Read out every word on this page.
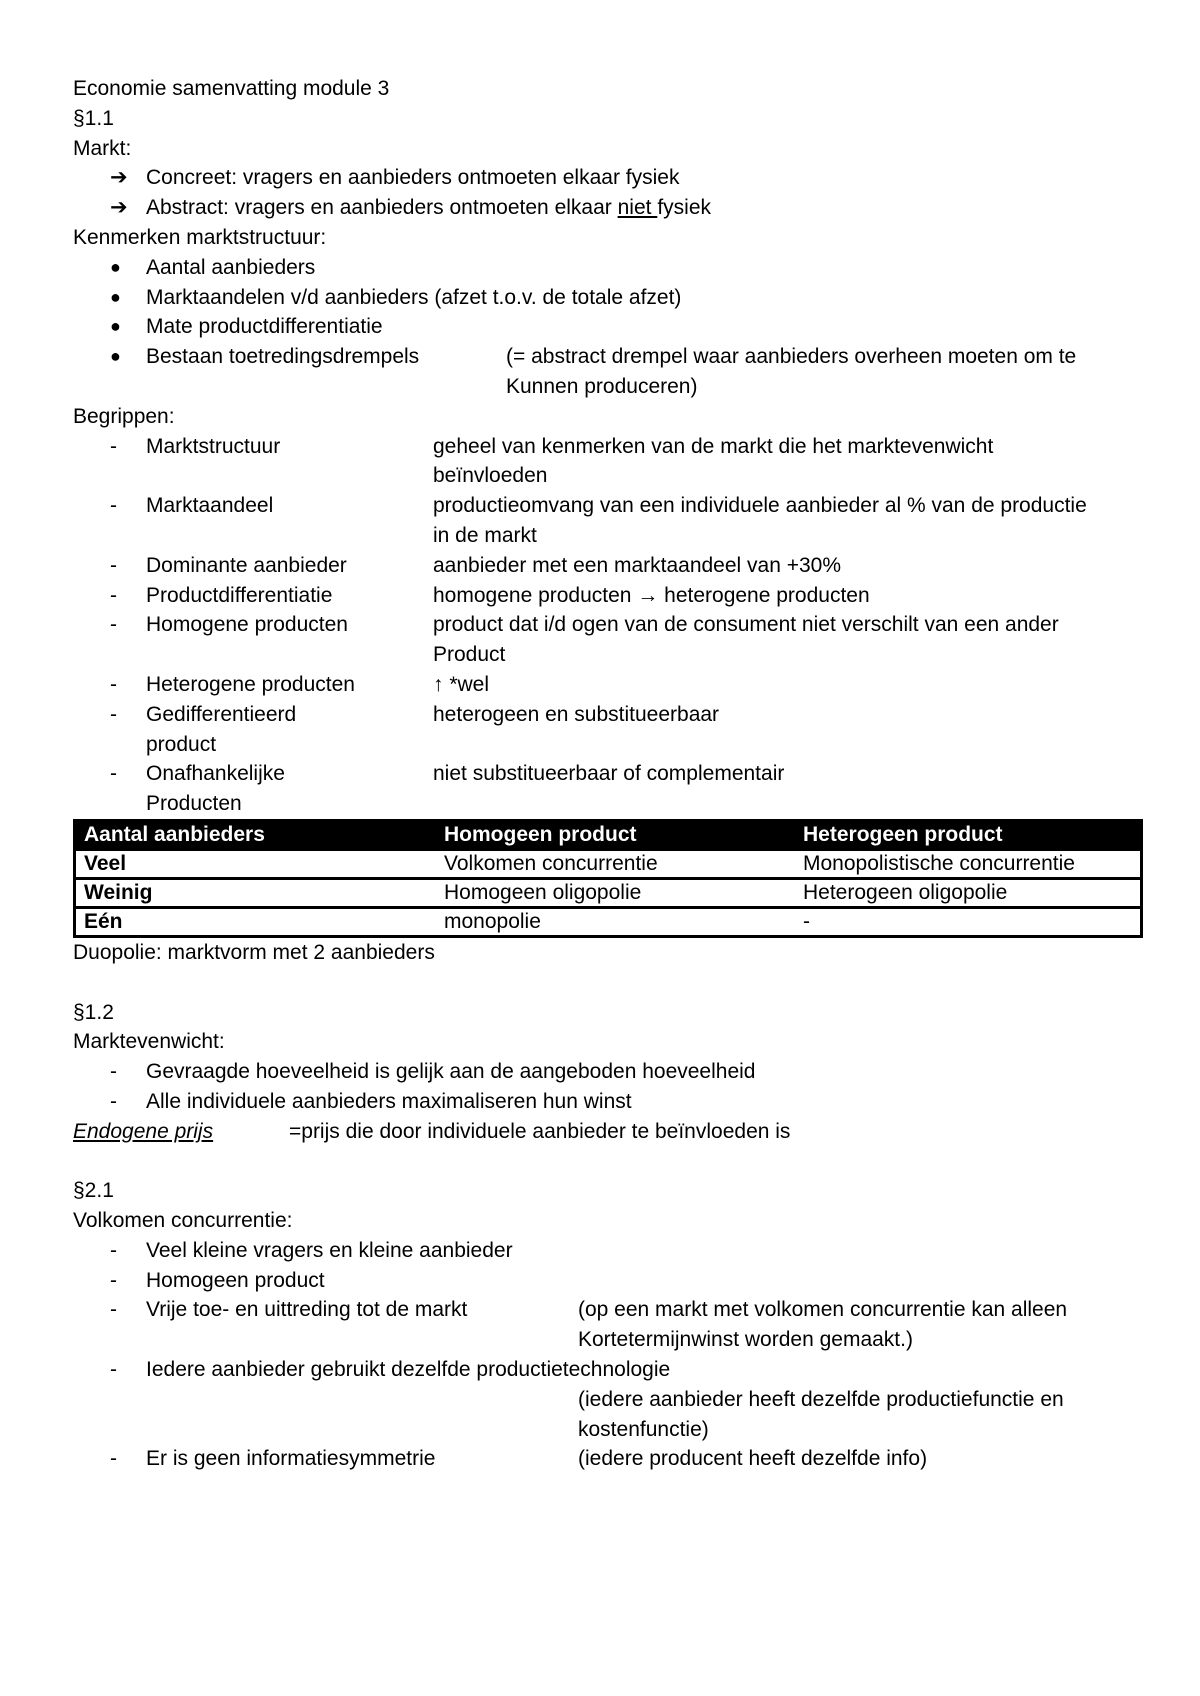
Economie samenvatting module 3
§1.1
Markt:
➔ Concreet: vragers en aanbieders ontmoeten elkaar fysiek
➔ Abstract: vragers en aanbieders ontmoeten elkaar niet fysiek
Kenmerken marktstructuur:
● Aantal aanbieders
● Marktaandelen v/d aanbieders (afzet t.o.v. de totale afzet)
● Mate productdifferentiatie
● Bestaan toetredingsdrempels	(= abstract drempel waar aanbieders overheen moeten om te
Kunnen produceren)
Begrippen:
- Marktstructuur	geheel van kenmerken van de markt die het marktevenwicht
beïnvloeden
- Marktaandeel	productieomvang van een individuele aanbieder al % van de productie
in de markt
- Dominante aanbieder	aanbieder met een marktaandeel van +30%
- Productdifferentiatie	homogene producten → heterogene producten
- Homogene producten	product dat i/d ogen van de consument niet verschilt van een ander
Product
- Heterogene producten	↑ *wel
- Gedifferentieerd	heterogeen en substitueerbaar
product
- Onafhankelijke	niet substitueerbaar of complementair
Producten
Aantal aanbieders	Homogeen product	Heterogeen product
Veel	Volkomen concurrentie	Monopolistische concurrentie
Weinig	Homogeen oligopolie	Heterogeen oligopolie
Eén	monopolie	-
Duopolie: marktvorm met 2 aanbieders
§1.2
Marktevenwicht:
- Gevraagde hoeveelheid is gelijk aan de aangeboden hoeveelheid
- Alle individuele aanbieders maximaliseren hun winst
Endogene prijs	=prijs die door individuele aanbieder te beïnvloeden is
§2.1
Volkomen concurrentie:
- Veel kleine vragers en kleine aanbieder
- Homogeen product
- Vrije toe- en uittreding tot de markt	(op een markt met volkomen concurrentie kan alleen
Kortetermijnwinst worden gemaakt.)
- Iedere aanbieder gebruikt dezelfde productietechnologie
(iedere aanbieder heeft dezelfde productiefunctie en
kostenfunctie)
- Er is geen informatiesymmetrie	(iedere producent heeft dezelfde info)
